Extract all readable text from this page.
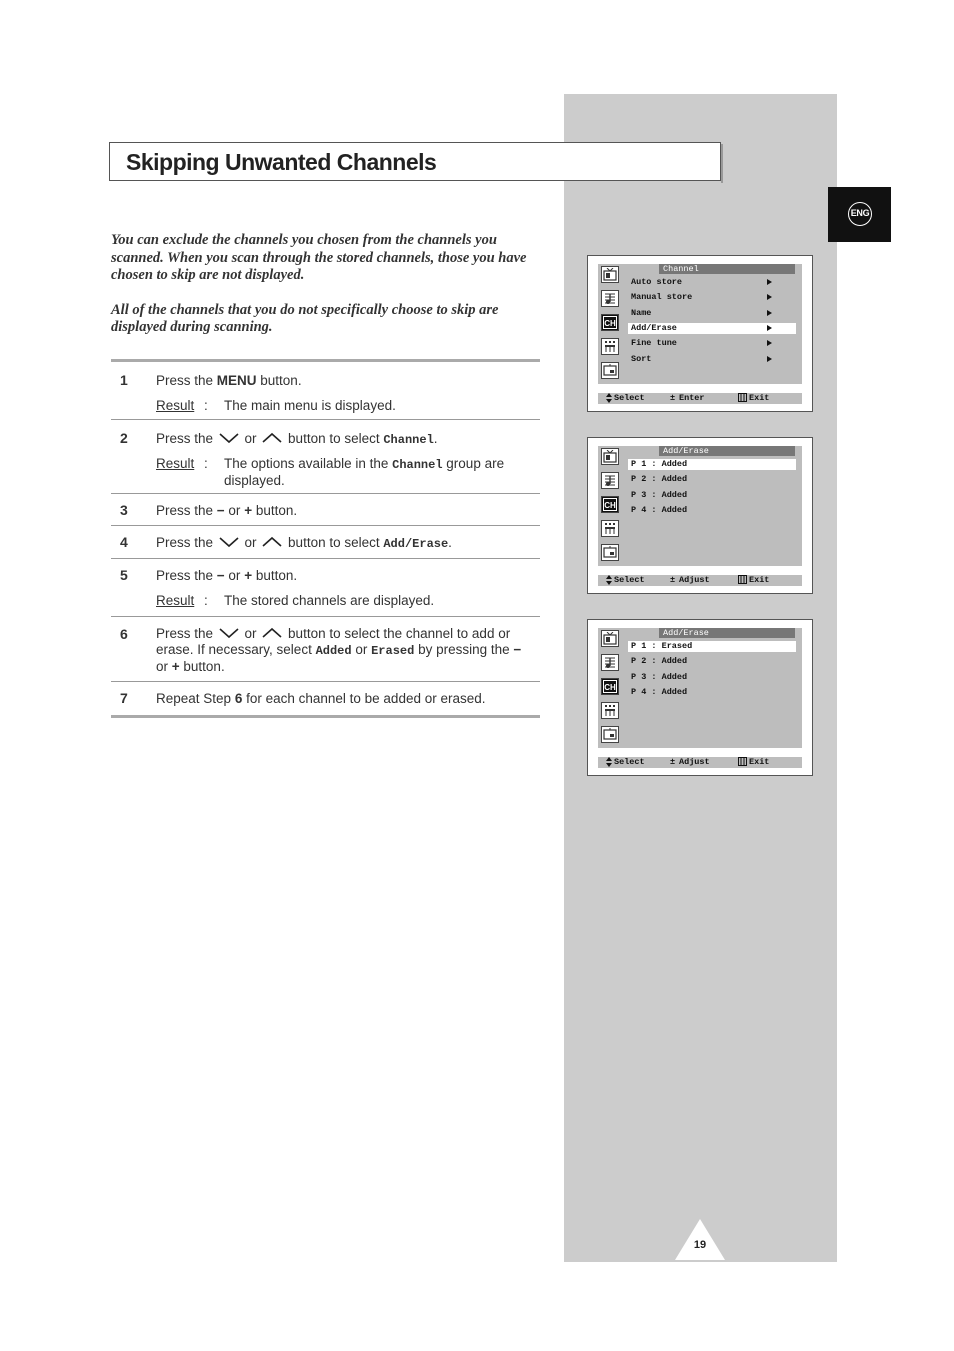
Skipping Unwanted Channels
ENG

You can exclude the channels you chosen from the channels you scanned. When you scan through the stored channels, those you have chosen to skip are not displayed.

All of the channels that you do not specifically choose to skip are displayed during scanning.

1 Press the MENU button.
Result : The main menu is displayed.
2 Press the  or  button to select Channel.
Result : The options available in the Channel group are displayed.
3 Press the − or + button.
4 Press the  or  button to select Add/Erase.
5 Press the − or + button.
Result : The stored channels are displayed.
6 Press the  or  button to select the channel to add or erase. If necessary, select Added or Erased by pressing the − or + button.
7 Repeat Step 6 for each channel to be added or erased.
CH
Channel
Auto store
Manual store
Name
Add/Erase
Fine tune
Sort
Select	± Enter	Exit
CH
Add/Erase
P 1 : Added
P 2 : Added
P 3 : Added
P 4 : Added
Select	± Adjust	Exit
CH
Add/Erase
P 1 : Erased
P 2 : Added
P 3 : Added
P 4 : Added
Select	± Adjust	Exit
19
